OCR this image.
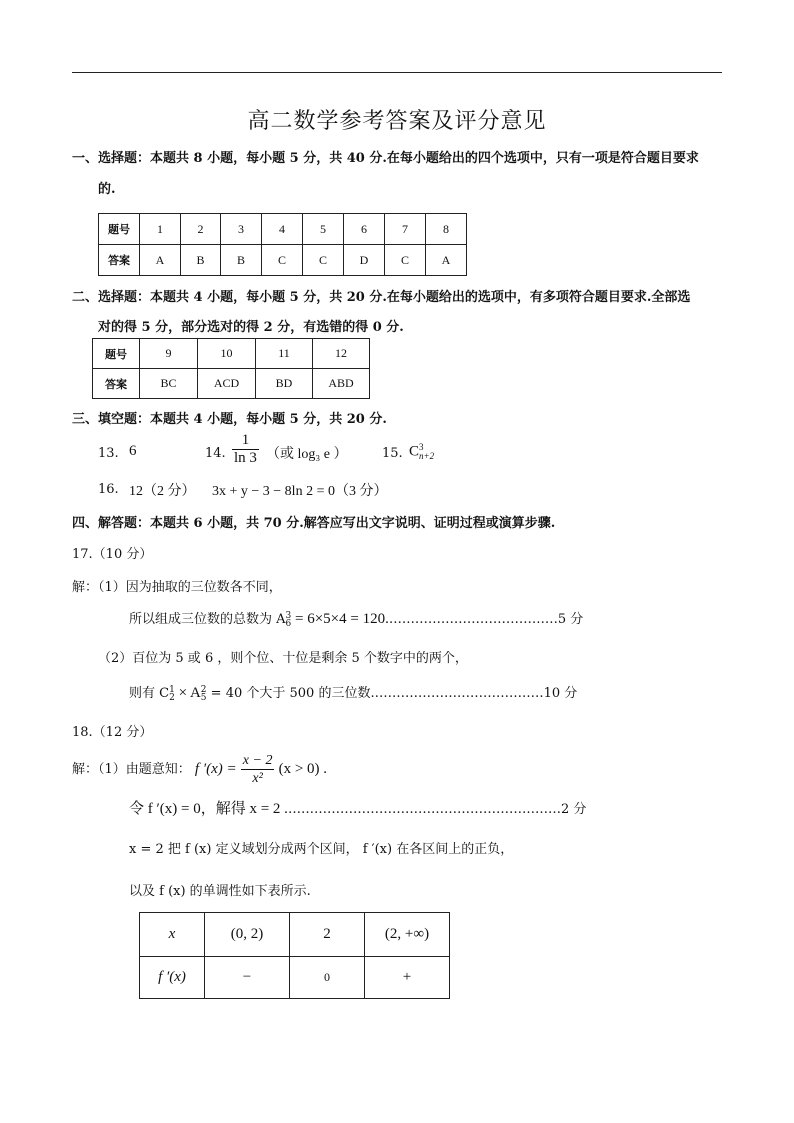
高二数学参考答案及评分意见
一、选择题：本题共 8 小题，每小题 5 分，共 40 分.在每小题给出的四个选项中，只有一项是符合题目要求
的.
题号	1	2	3	4	5	6	7	8
答案	A	B	B	C	C	D	C	A
二、选择题：本题共 4 小题，每小题 5 分，共 20 分.在每小题给出的选项中，有多项符合题目要求.全部选
对的得 5 分，部分选对的得 2 分，有选错的得 0 分.
题号	9	10	11	12
答案	BC	ACD	BD	ABD
三、填空题：本题共 4 小题，每小题 5 分，共 20 分.
13. 6	14. $\frac{1}{\ln 3}$ （或 log₃ e ）	15. C 3
n+2
16. 12（2 分） 3x + y − 3 − 8ln 2 = 0（3 分）
四、解答题：本题共 6 小题，共 70 分.解答应写出文字说明、证明过程或演算步骤.
17.（10 分）
解：（1）因为抽取的三位数各不同，
所以组成三位数的总数为 A 3
6 = 6×5×4 = 120.…………………………………5 分
（2）百位为 5 或 6 ，则个位、十位是剩余 5 个数字中的两个，
则有 C 1
2 × A 2
5 = 40 个大于 500 的三位数.…………………………………10 分
18.（12 分）
解：（1）由题意知： f $'(x) = \frac{x - 2}{\text{x²}} (x > 0)$ .
令 f ′(x) = 0，解得 x = 2 .………………………………………………………2 分
x = 2 把 f (x) 定义域划分成两个区间， f ′(x) 在各区间上的正负，
以及 f (x) 的单调性如下表所示.
x	(0, 2)	2	(2, +∞)
f ′(x)	−	0	+
